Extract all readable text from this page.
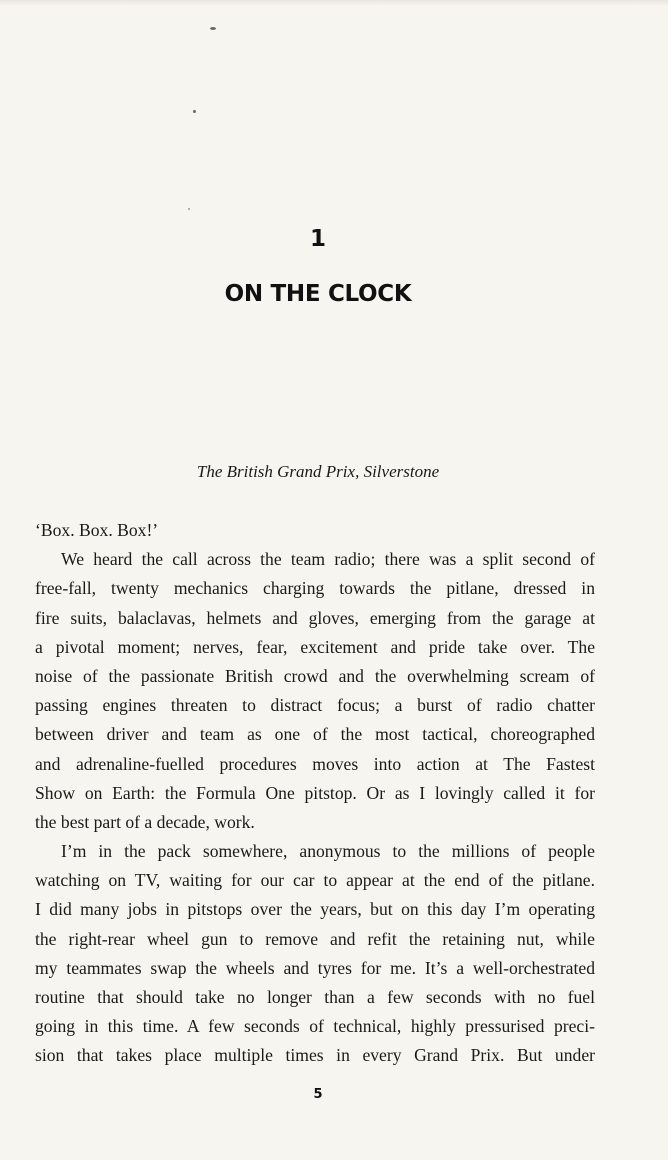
1
ON THE CLOCK
The British Grand Prix, Silverstone
‘Box. Box. Box!’
We heard the call across the team radio; there was a split second of
free-fall, twenty mechanics charging towards the pitlane, dressed in
fire suits, balaclavas, helmets and gloves, emerging from the garage at
a pivotal moment; nerves, fear, excitement and pride take over. The
noise of the passionate British crowd and the overwhelming scream of
passing engines threaten to distract focus; a burst of radio chatter
between driver and team as one of the most tactical, choreographed
and adrenaline-fuelled procedures moves into action at The Fastest
Show on Earth: the Formula One pitstop. Or as I lovingly called it for
the best part of a decade, work.
I’m in the pack somewhere, anonymous to the millions of people
watching on TV, waiting for our car to appear at the end of the pitlane.
I did many jobs in pitstops over the years, but on this day I’m operating
the right-rear wheel gun to remove and refit the retaining nut, while
my teammates swap the wheels and tyres for me. It’s a well-orchestrated
routine that should take no longer than a few seconds with no fuel
going in this time. A few seconds of technical, highly pressurised preci-
sion that takes place multiple times in every Grand Prix. But under
5
